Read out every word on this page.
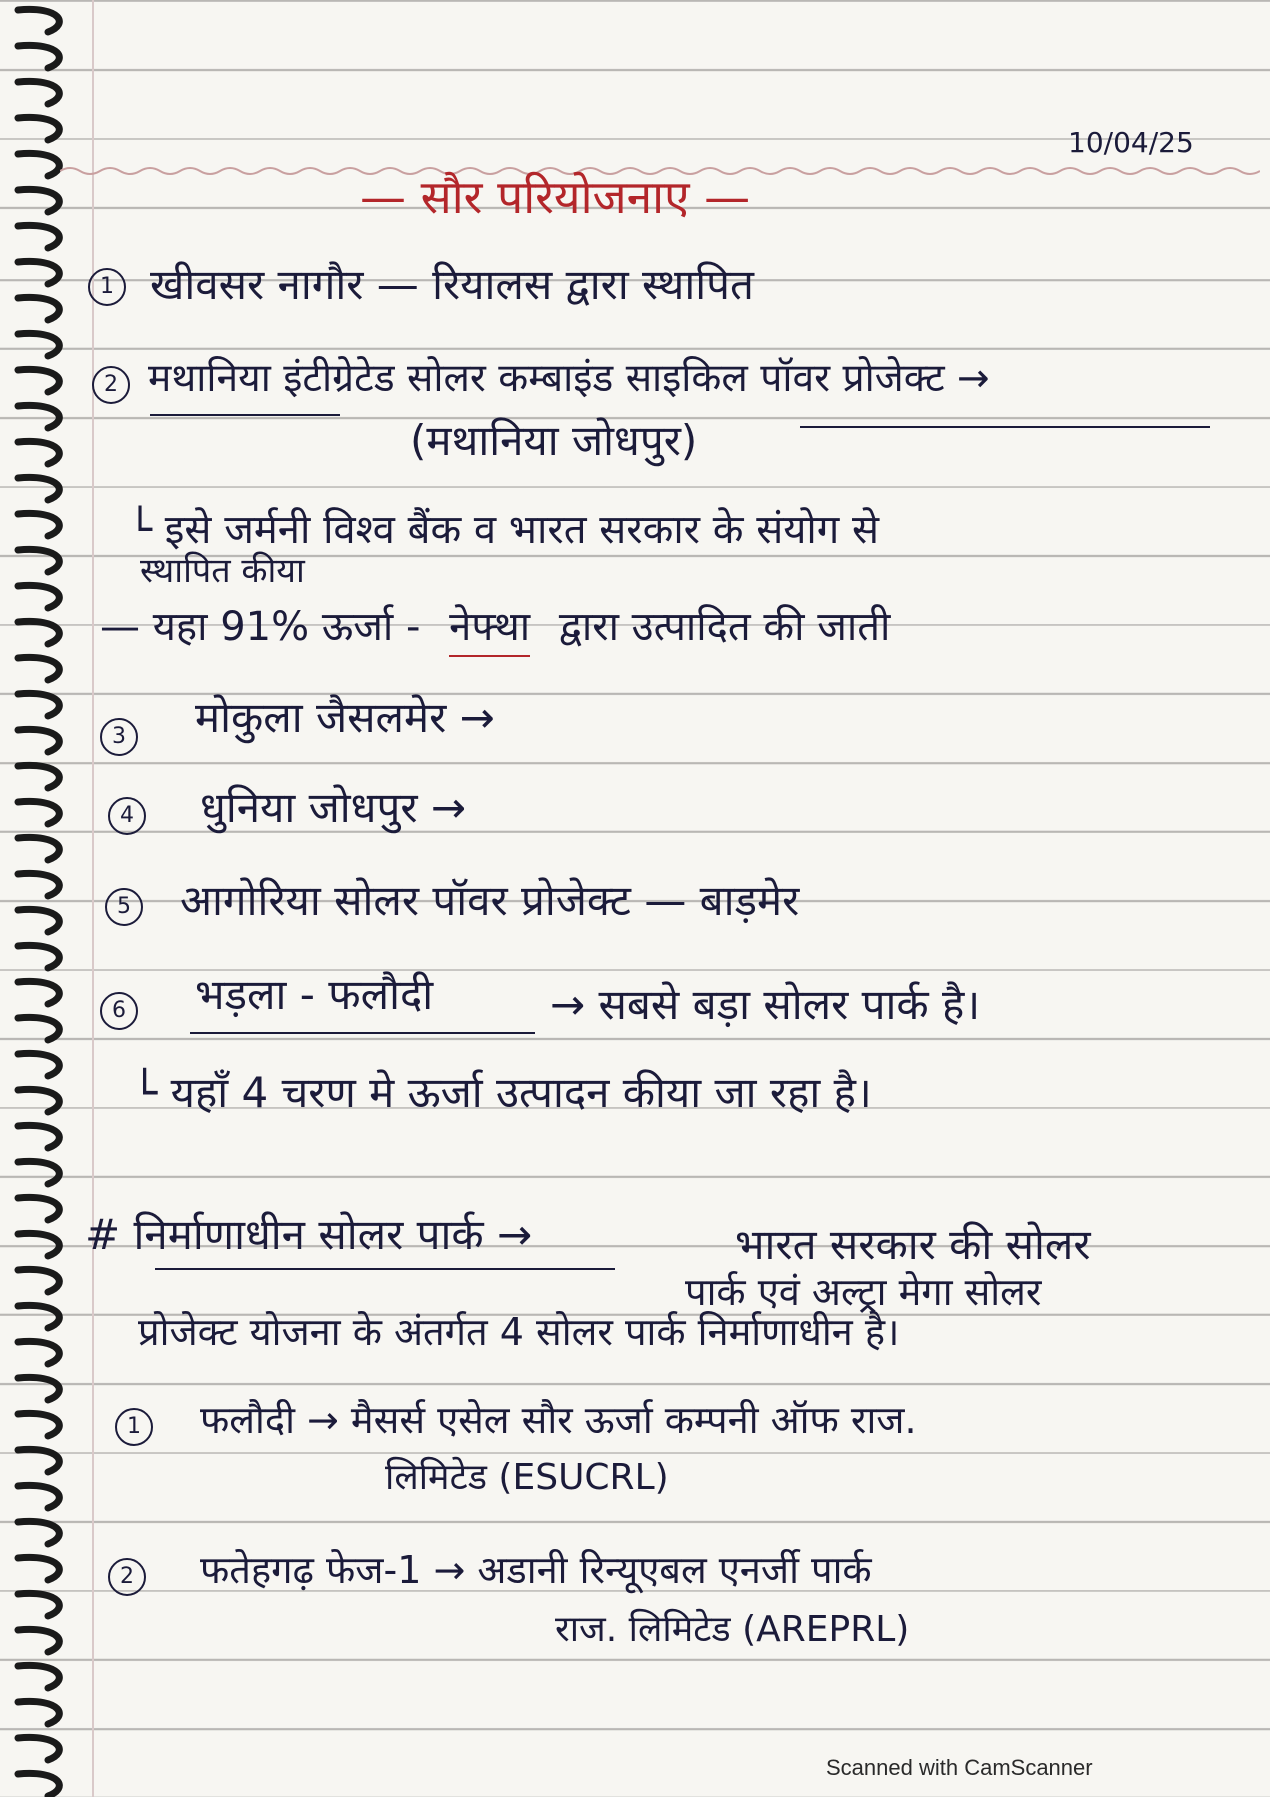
10/04/25
— सौर परियोजनाए —
1 खीवसर नागौर — रियालस द्वारा स्थापित
2 मथानिया इंटीग्रेटेड सोलर कम्बाइंड साइकिल पॉवर प्रोजेक्ट →
(मथानिया जोधपुर)
└ इसे जर्मनी विश्व बैंक व भारत सरकार के संयोग से
स्थापित कीया
— यहा 91% ऊर्जा - नेफ्था द्वारा उत्पादित की जाती
3 मोकुला जैसलमेर →
4 धुनिया जोधपुर →
5 आगोरिया सोलर पॉवर प्रोजेक्ट — बाड़मेर
6 भड़ला - फलौदी	→ सबसे बड़ा सोलर पार्क है।
└ यहाँ 4 चरण मे ऊर्जा उत्पादन कीया जा रहा है।
# निर्माणाधीन सोलर पार्क →	भारत सरकार की सोलर
पार्क एवं अल्ट्रा मेगा सोलर
प्रोजेक्ट योजना के अंतर्गत 4 सोलर पार्क निर्माणाधीन है।
1	फलौदी → मैसर्स एसेल सौर ऊर्जा कम्पनी ऑफ राज.
लिमिटेड (ESUCRL)
2	फतेहगढ़ फेज-1 → अडानी रिन्यूएबल एनर्जी पार्क
राज. लिमिटेड (AREPRL)
Scanned with CamScanner
